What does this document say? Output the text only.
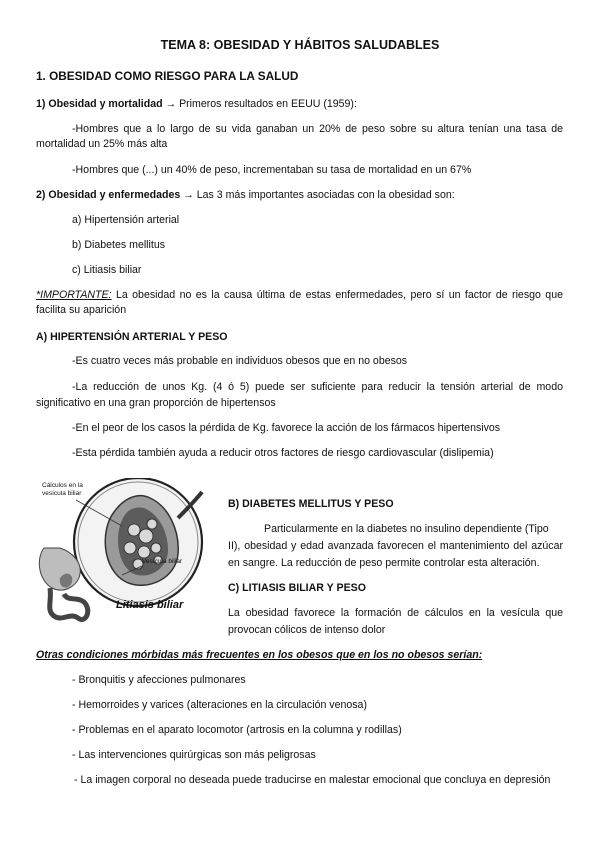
TEMA 8: OBESIDAD Y HÁBITOS SALUDABLES
1. OBESIDAD COMO RIESGO PARA LA SALUD
1) Obesidad y mortalidad → Primeros resultados en EEUU (1959):
-Hombres que a lo largo de su vida ganaban un 20% de peso sobre su altura tenían una tasa de
mortalidad un 25% más alta
-Hombres que (...) un 40% de peso, incrementaban su tasa de mortalidad en un 67%
2) Obesidad y enfermedades → Las 3 más importantes asociadas con la obesidad son:
a) Hipertensión arterial
b) Diabetes mellitus
c) Litiasis biliar
*IMPORTANTE: La obesidad no es la causa última de estas enfermedades, pero sí un factor de riesgo que
facilita su aparición
A) HIPERTENSIÓN ARTERIAL Y PESO
-Es cuatro veces más probable en individuos obesos que en no obesos
-La reducción de unos Kg. (4 ó 5) puede ser suficiente para reducir la tensión arterial de modo
significativo en una gran proporción de hipertensos
-En el peor de los casos la pérdida de Kg. favorece la acción de los fármacos hipertensivos
-Esta pérdida también ayuda a reducir otros factores de riesgo cardiovascular (dislipemia)
Cálculos en la
vesícula biliar
Vesícula biliar
Litiasis biliar
B) DIABETES MELLITUS Y PESO
Particularmente en la diabetes no insulino dependiente (Tipo
II), obesidad y edad avanzada favorecen el mantenimiento del azúcar
en sangre. La reducción de peso permite controlar esta alteración.
C) LITIASIS BILIAR Y PESO
La obesidad favorece la formación de cálculos en la vesícula que
provocan cólicos de intenso dolor
Otras condiciones mórbidas más frecuentes en los obesos que en los no obesos serían:
- Bronquitis y afecciones pulmonares
- Hemorroides y varices (alteraciones en la circulación venosa)
- Problemas en el aparato locomotor (artrosis en la columna y rodillas)
- Las intervenciones quirúrgicas son más peligrosas
- La imagen corporal no deseada puede traducirse en malestar emocional que concluya en depresión
